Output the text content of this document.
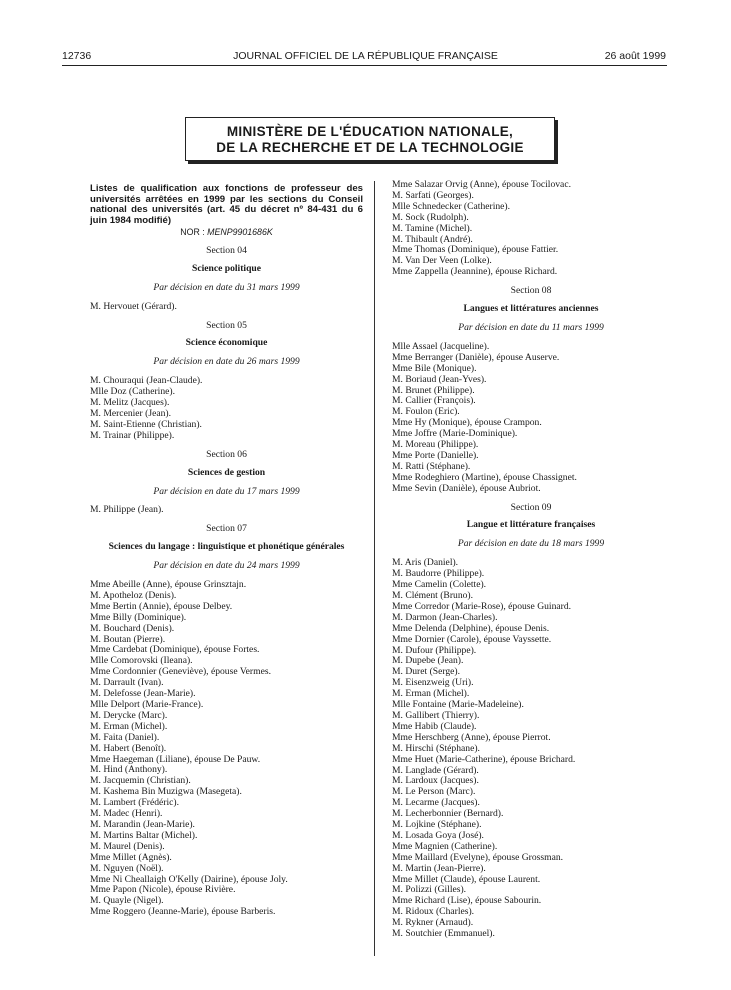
12736	JOURNAL OFFICIEL DE LA RÉPUBLIQUE FRANÇAISE	26 août 1999
MINISTÈRE DE L'ÉDUCATION NATIONALE,
DE LA RECHERCHE ET DE LA TECHNOLOGIE
Listes de qualification aux fonctions de professeur des universités arrêtées en 1999 par les sections du Conseil national des universités (art. 45 du décret nº 84-431 du 6 juin 1984 modifié)
NOR : MENP9901686K
Section 04
Science politique
Par décision en date du 31 mars 1999
M. Hervouet (Gérard).
Section 05
Science économique
Par décision en date du 26 mars 1999
M. Chouraqui (Jean-Claude).
Mlle Doz (Catherine).
M. Melitz (Jacques).
M. Mercenier (Jean).
M. Saint-Etienne (Christian).
M. Trainar (Philippe).
Section 06
Sciences de gestion
Par décision en date du 17 mars 1999
M. Philippe (Jean).
Section 07
Sciences du langage : linguistique et phonétique générales
Par décision en date du 24 mars 1999
Mme Abeille (Anne), épouse Grinsztajn.
M. Apotheloz (Denis).
Mme Bertin (Annie), épouse Delbey.
Mme Billy (Dominique).
M. Bouchard (Denis).
M. Boutan (Pierre).
Mme Cardebat (Dominique), épouse Fortes.
Mlle Comorovski (Ileana).
Mme Cordonnier (Geneviève), épouse Vermes.
M. Darrault (Ivan).
M. Delefosse (Jean-Marie).
Mlle Delport (Marie-France).
M. Derycke (Marc).
M. Erman (Michel).
M. Faita (Daniel).
M. Habert (Benoît).
Mme Haegeman (Liliane), épouse De Pauw.
M. Hind (Anthony).
M. Jacquemin (Christian).
M. Kashema Bin Muzigwa (Masegeta).
M. Lambert (Frédéric).
M. Madec (Henri).
M. Marandin (Jean-Marie).
M. Martins Baltar (Michel).
M. Maurel (Denis).
Mme Millet (Agnès).
M. Nguyen (Noël).
Mme Ni Cheallaigh O'Kelly (Dairine), épouse Joly.
Mme Papon (Nicole), épouse Rivière.
M. Quayle (Nigel).
Mme Roggero (Jeanne-Marie), épouse Barberis.
Mme Salazar Orvig (Anne), épouse Tocilovac.
M. Sarfati (Georges).
Mlle Schnedecker (Catherine).
M. Sock (Rudolph).
M. Tamine (Michel).
M. Thibault (André).
Mme Thomas (Dominique), épouse Fattier.
M. Van Der Veen (Lolke).
Mme Zappella (Jeannine), épouse Richard.
Section 08
Langues et littératures anciennes
Par décision en date du 11 mars 1999
Mlle Assael (Jacqueline).
Mme Berranger (Danièle), épouse Auserve.
Mme Bile (Monique).
M. Boriaud (Jean-Yves).
M. Brunet (Philippe).
M. Callier (François).
M. Foulon (Eric).
Mme Hy (Monique), épouse Crampon.
Mme Joffre (Marie-Dominique).
M. Moreau (Philippe).
Mme Porte (Danielle).
M. Ratti (Stéphane).
Mme Rodeghiero (Martine), épouse Chassignet.
Mme Sevin (Danièle), épouse Aubriot.
Section 09
Langue et littérature françaises
Par décision en date du 18 mars 1999
M. Aris (Daniel).
M. Baudorre (Philippe).
Mme Camelin (Colette).
M. Clément (Bruno).
Mme Corredor (Marie-Rose), épouse Guinard.
M. Darmon (Jean-Charles).
Mme Delenda (Delphine), épouse Denis.
Mme Dornier (Carole), épouse Vayssette.
M. Dufour (Philippe).
M. Dupebe (Jean).
M. Duret (Serge).
M. Eisenzweig (Uri).
M. Erman (Michel).
Mlle Fontaine (Marie-Madeleine).
M. Gallibert (Thierry).
Mme Habib (Claude).
Mme Herschberg (Anne), épouse Pierrot.
M. Hirschi (Stéphane).
Mme Huet (Marie-Catherine), épouse Brichard.
M. Langlade (Gérard).
M. Lardoux (Jacques).
M. Le Person (Marc).
M. Lecarme (Jacques).
M. Lecherbonnier (Bernard).
M. Lojkine (Stéphane).
M. Losada Goya (José).
Mme Magnien (Catherine).
Mme Maillard (Evelyne), épouse Grossman.
M. Martin (Jean-Pierre).
Mme Millet (Claude), épouse Laurent.
M. Polizzi (Gilles).
Mme Richard (Lise), épouse Sabourin.
M. Ridoux (Charles).
M. Rykner (Arnaud).
M. Soutchier (Emmanuel).
